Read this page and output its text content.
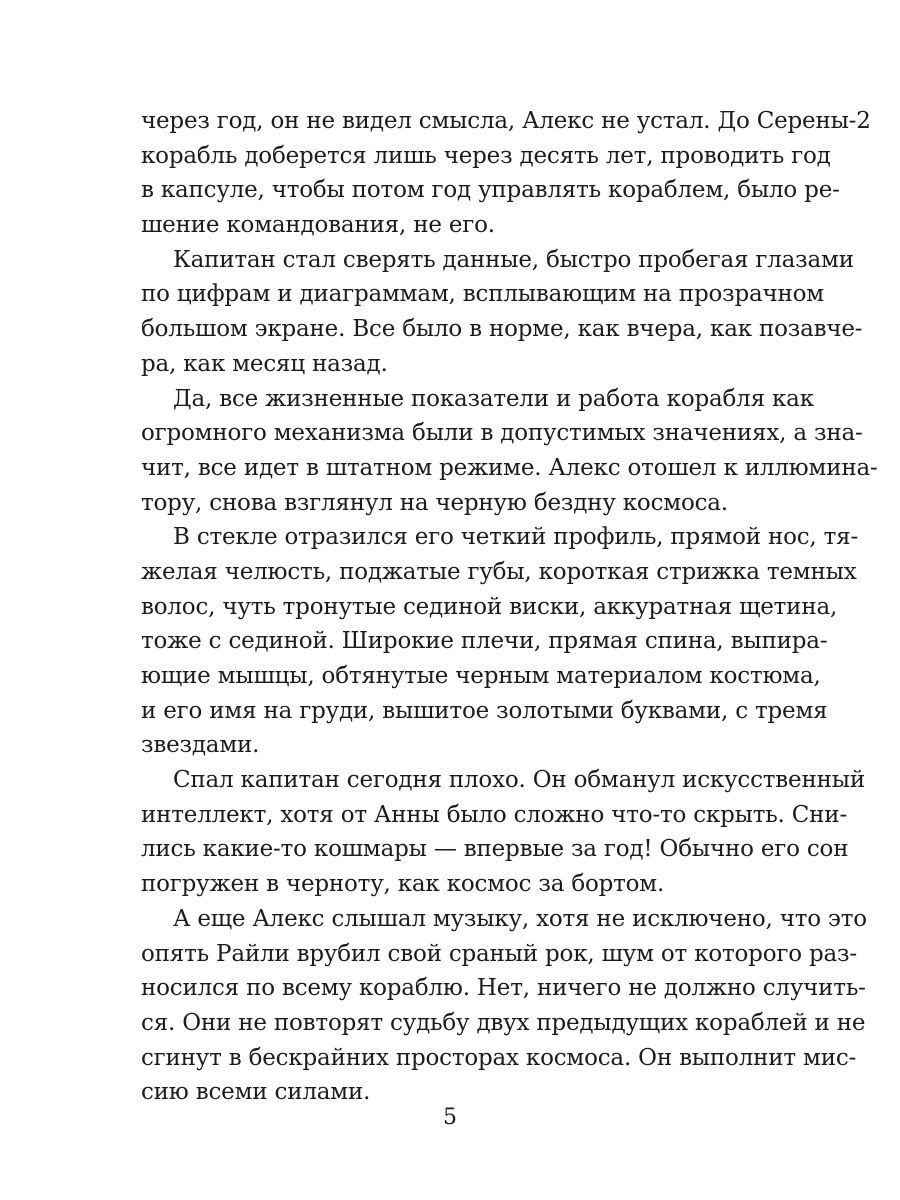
через год, он не видел смысла, Алекс не устал. До Серены-2
корабль доберется лишь через десять лет, проводить год
в капсуле, чтобы потом год управлять кораблем, было ре-
шение командования, не его.
Капитан стал сверять данные, быстро пробегая глазами
по цифрам и диаграммам, всплывающим на прозрачном
большом экране. Все было в норме, как вчера, как позавче-
ра, как месяц назад.
Да, все жизненные показатели и работа корабля как
огромного механизма были в допустимых значениях, а зна-
чит, все идет в штатном режиме. Алекс отошел к иллюмина-
тору, снова взглянул на черную бездну космоса.
В стекле отразился его четкий профиль, прямой нос, тя-
желая челюсть, поджатые губы, короткая стрижка темных
волос, чуть тронутые сединой виски, аккуратная щетина,
тоже с сединой. Широкие плечи, прямая спина, выпира-
ющие мышцы, обтянутые черным материалом костюма,
и его имя на груди, вышитое золотыми буквами, с тремя
звездами.
Спал капитан сегодня плохо. Он обманул искусственный
интеллект, хотя от Анны было сложно что-то скрыть. Сни-
лись какие-то кошмары — впервые за год! Обычно его сон
погружен в черноту, как космос за бортом.
А еще Алекс слышал музыку, хотя не исключено, что это
опять Райли врубил свой сраный рок, шум от которого раз-
носился по всему кораблю. Нет, ничего не должно случить-
ся. Они не повторят судьбу двух предыдущих кораблей и не
сгинут в бескрайних просторах космоса. Он выполнит мис-
сию всеми силами.
5
